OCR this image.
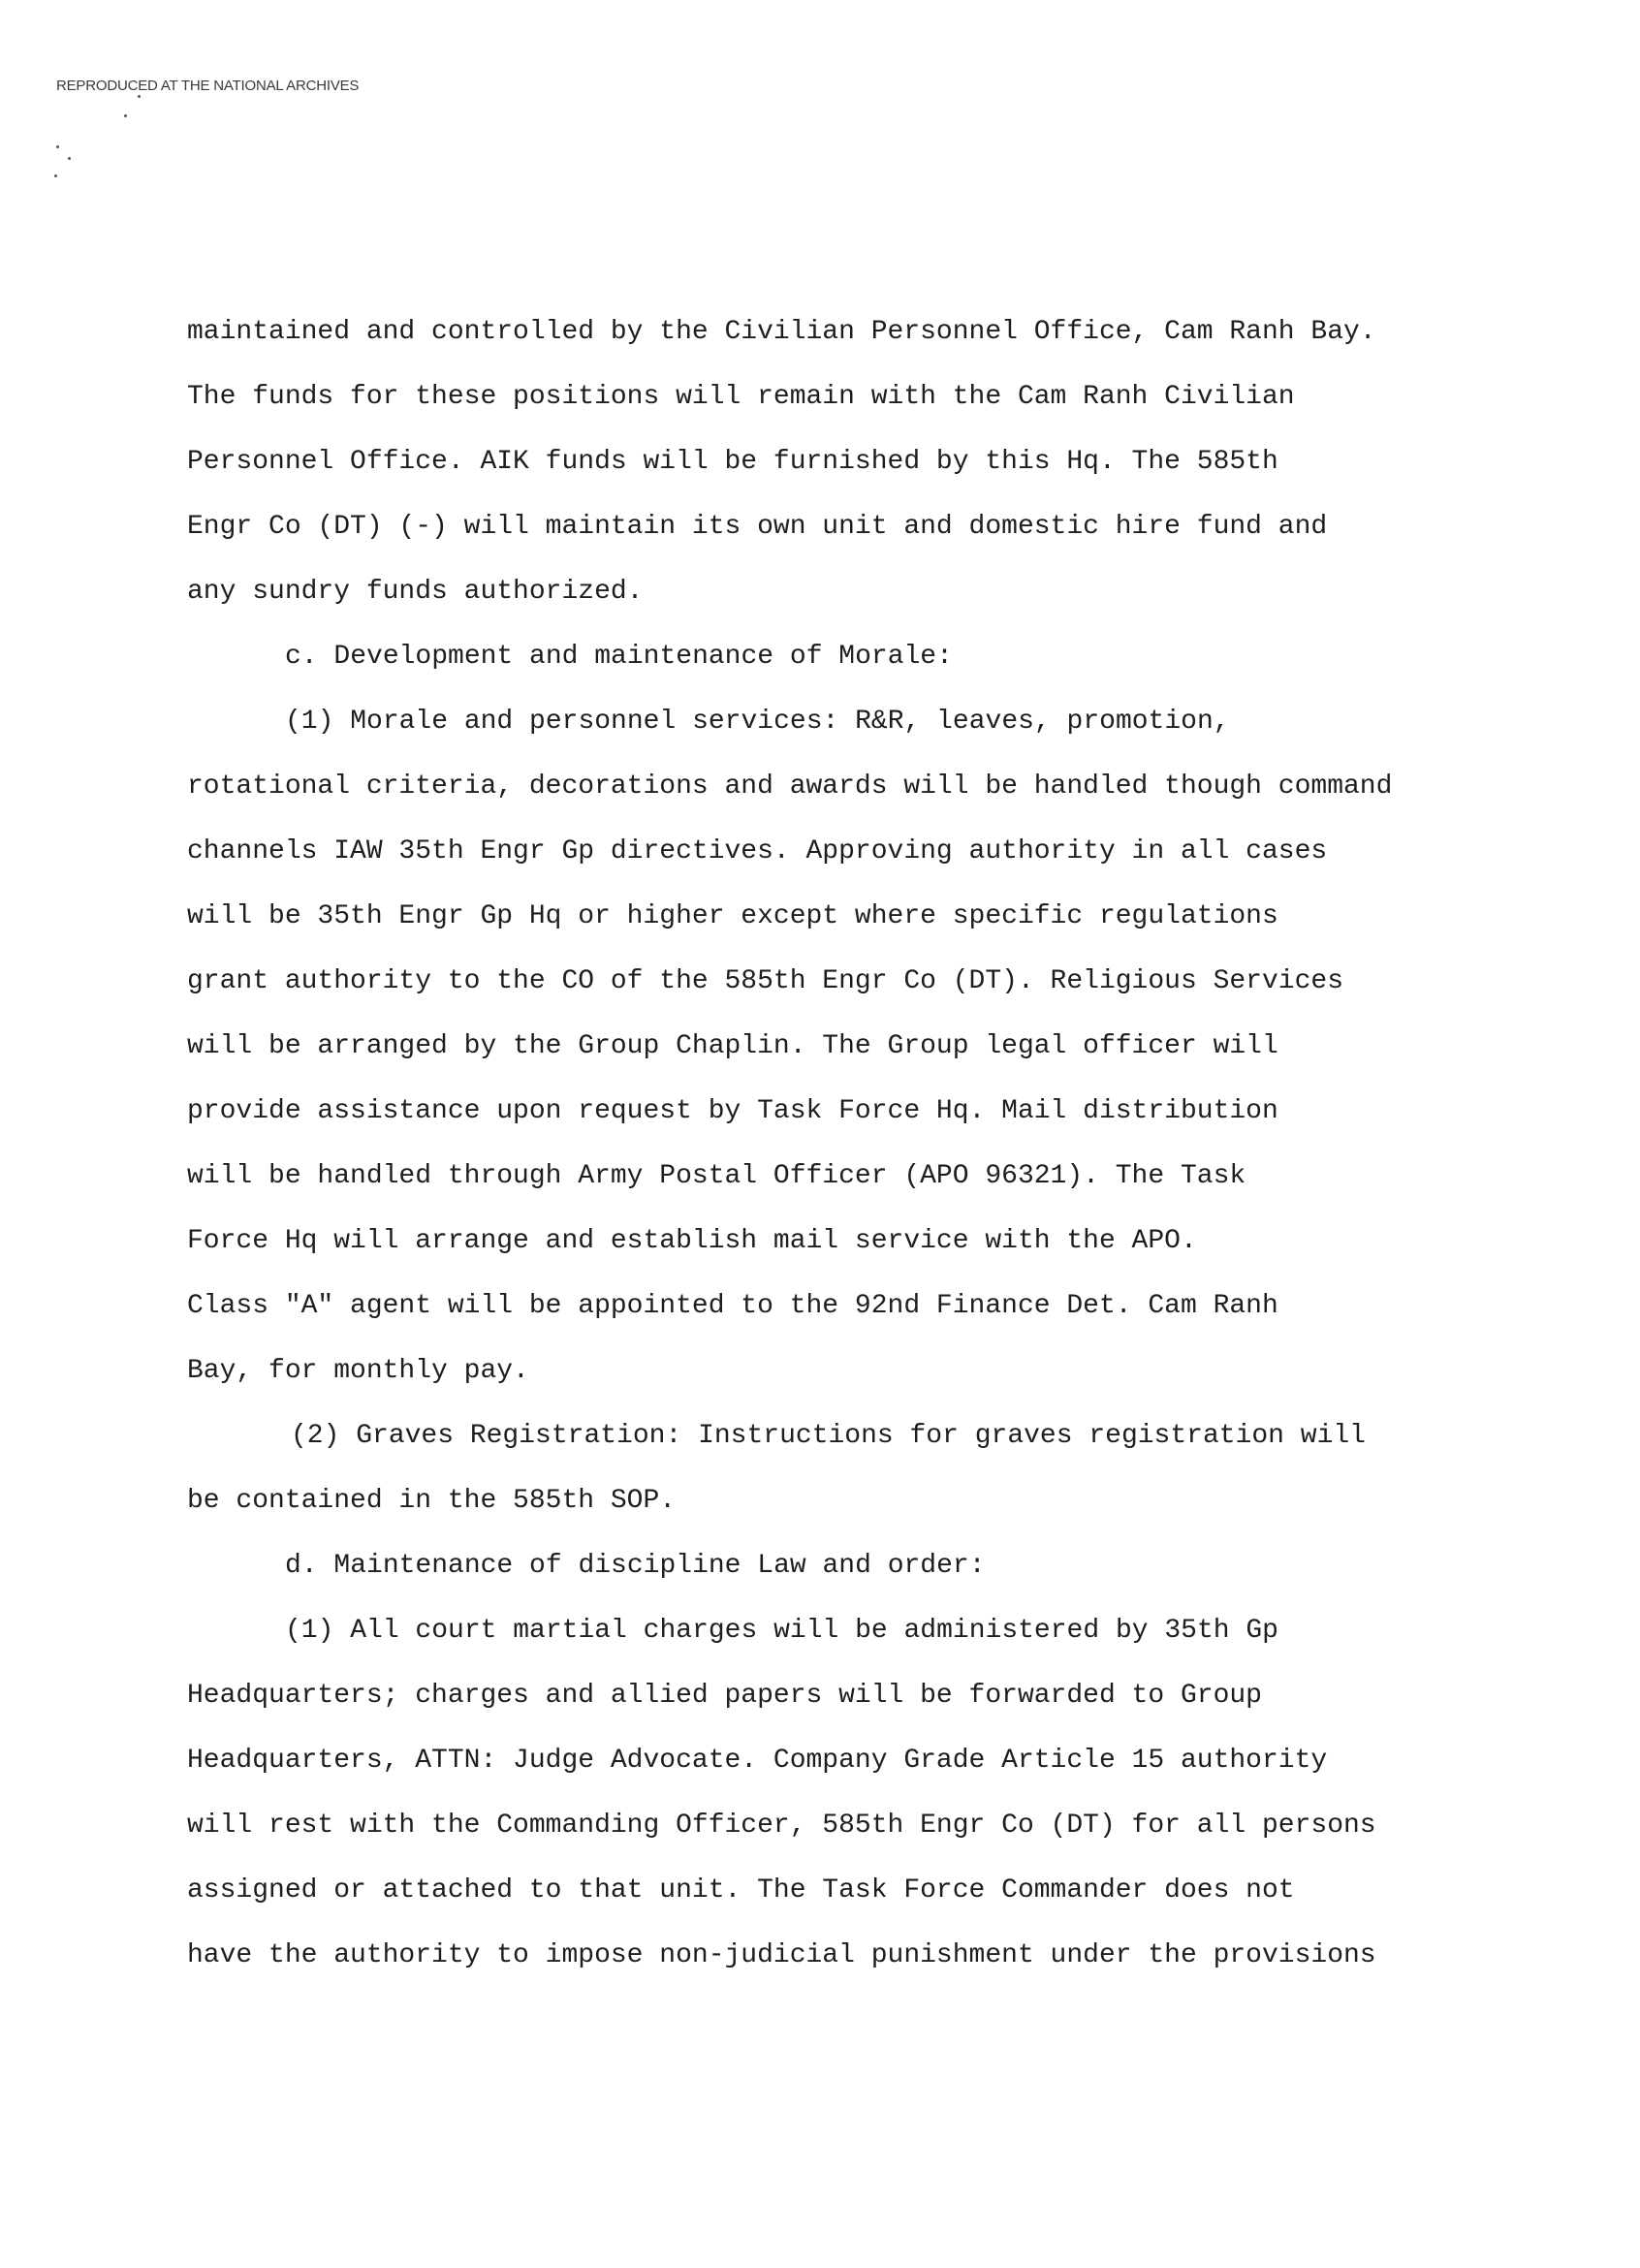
REPRODUCED AT THE NATIONAL ARCHIVES
maintained and controlled by the Civilian Personnel Office, Cam Ranh Bay.
The funds for these positions will remain with the Cam Ranh Civilian
Personnel Office. AIK funds will be furnished by this Hq. The 585th
Engr Co (DT) (-) will maintain its own unit and domestic hire fund and
any sundry funds authorized.
c. Development and maintenance of Morale:
(1) Morale and personnel services: R&R, leaves, promotion,
rotational criteria, decorations and awards will be handled though command
channels IAW 35th Engr Gp directives. Approving authority in all cases
will be 35th Engr Gp Hq or higher except where specific regulations
grant authority to the CO of the 585th Engr Co (DT). Religious Services
will be arranged by the Group Chaplin. The Group legal officer will
provide assistance upon request by Task Force Hq. Mail distribution
will be handled through Army Postal Officer (APO 96321). The Task
Force Hq will arrange and establish mail service with the APO.
Class "A" agent will be appointed to the 92nd Finance Det. Cam Ranh
Bay, for monthly pay.
(2) Graves Registration: Instructions for graves registration will
be contained in the 585th SOP.
d. Maintenance of discipline Law and order:
(1) All court martial charges will be administered by 35th Gp
Headquarters; charges and allied papers will be forwarded to Group
Headquarters, ATTN: Judge Advocate. Company Grade Article 15 authority
will rest with the Commanding Officer, 585th Engr Co (DT) for all persons
assigned or attached to that unit. The Task Force Commander does not
have the authority to impose non-judicial punishment under the provisions
